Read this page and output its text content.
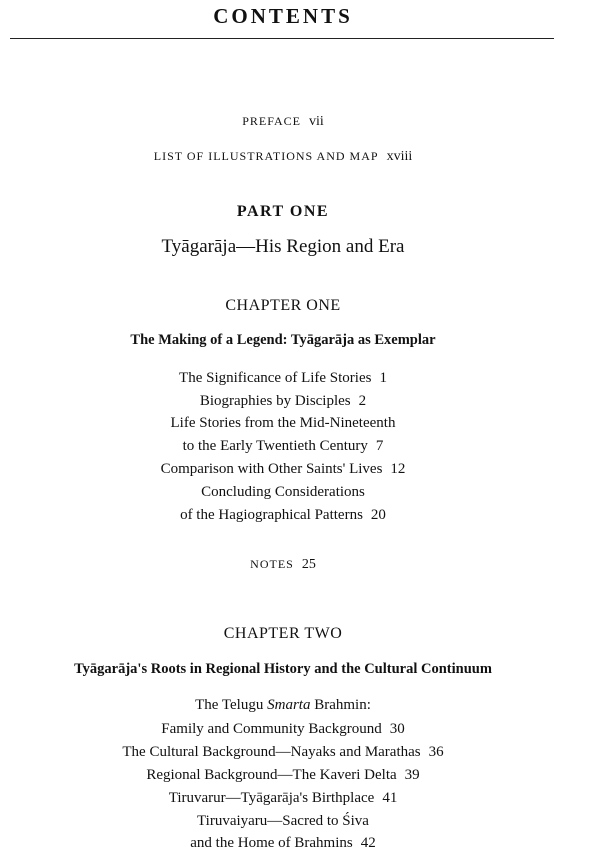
CONTENTS
PREFACE vii
LIST OF ILLUSTRATIONS AND MAP xviii
PART ONE
Tyāgarāja—His Region and Era
CHAPTER ONE
The Making of a Legend: Tyāgarāja as Exemplar
The Significance of Life Stories 1
Biographies by Disciples 2
Life Stories from the Mid-Nineteenth
to the Early Twentieth Century 7
Comparison with Other Saints' Lives 12
Concluding Considerations
of the Hagiographical Patterns 20
NOTES 25
CHAPTER TWO
Tyāgarāja's Roots in Regional History and the Cultural Continuum
The Telugu Smarta Brahmin:
Family and Community Background 30
The Cultural Background—Nayaks and Marathas 36
Regional Background—The Kaveri Delta 39
Tiruvarur—Tyāgarāja's Birthplace 41
Tiruvaiyaru—Sacred to Śiva
and the Home of Brahmins 42
